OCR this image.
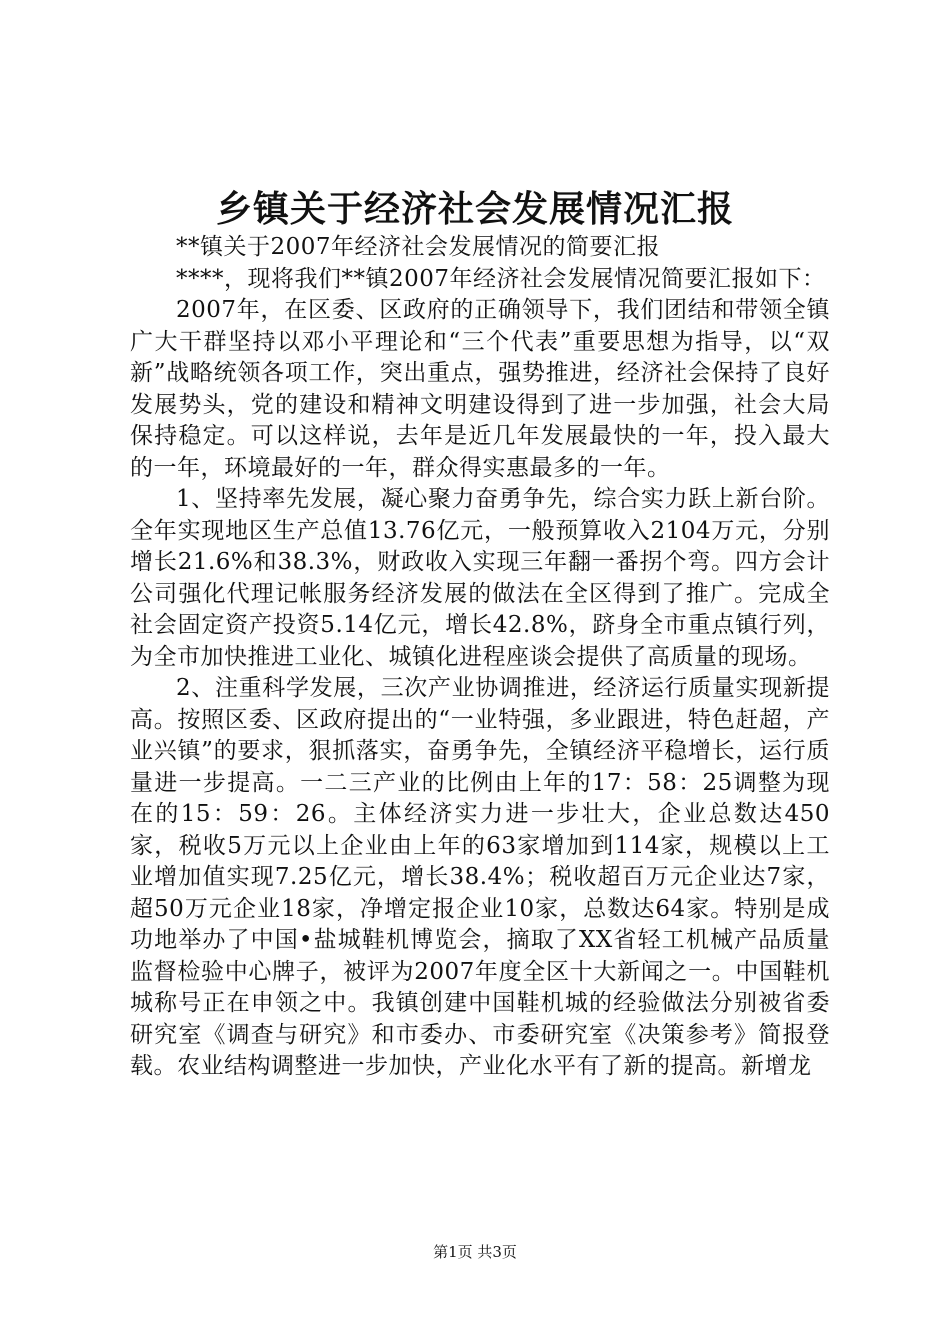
乡镇关于经济社会发展情况汇报

**镇关于2007年经济社会发展情况的简要汇报

****，现将我们**镇2007年经济社会发展情况简要汇报如下：

2007年，在区委、区政府的正确领导下，我们团结和带领全镇广大干群坚持以邓小平理论和“三个代表”重要思想为指导，以“双新”战略统领各项工作，突出重点，强势推进，经济社会保持了良好发展势头，党的建设和精神文明建设得到了进一步加强，社会大局保持稳定。可以这样说，去年是近几年发展最快的一年，投入最大的一年，环境最好的一年，群众得实惠最多的一年。

1、坚持率先发展，凝心聚力奋勇争先，综合实力跃上新台阶。全年实现地区生产总值13.76亿元，一般预算收入2104万元，分别增长21.6%和38.3%，财政收入实现三年翻一番拐个弯。四方会计公司强化代理记帐服务经济发展的做法在全区得到了推广。完成全社会固定资产投资5.14亿元，增长42.8%，跻身全市重点镇行列，为全市加快推进工业化、城镇化进程座谈会提供了高质量的现场。

2、注重科学发展，三次产业协调推进，经济运行质量实现新提高。按照区委、区政府提出的“一业特强，多业跟进，特色赶超，产业兴镇”的要求，狠抓落实，奋勇争先，全镇经济平稳增长，运行质量进一步提高。一二三产业的比例由上年的17：58：25调整为现在的15：59：26。主体经济实力进一步壮大，企业总数达450家，税收5万元以上企业由上年的63家增加到114家，规模以上工业增加值实现7.25亿元，增长38.4%；税收超百万元企业达7家，超50万元企业18家，净增定报企业10家，总数达64家。特别是成功地举办了中国•盐城鞋机博览会，摘取了XX省轻工机械产品质量监督检验中心牌子，被评为2007年度全区十大新闻之一。中国鞋机城称号正在申领之中。我镇创建中国鞋机城的经验做法分别被省委研究室《调查与研究》和市委办、市委研究室《决策参考》简报登载。农业结构调整进一步加快，产业化水平有了新的提高。新增龙

第1页 共3页
